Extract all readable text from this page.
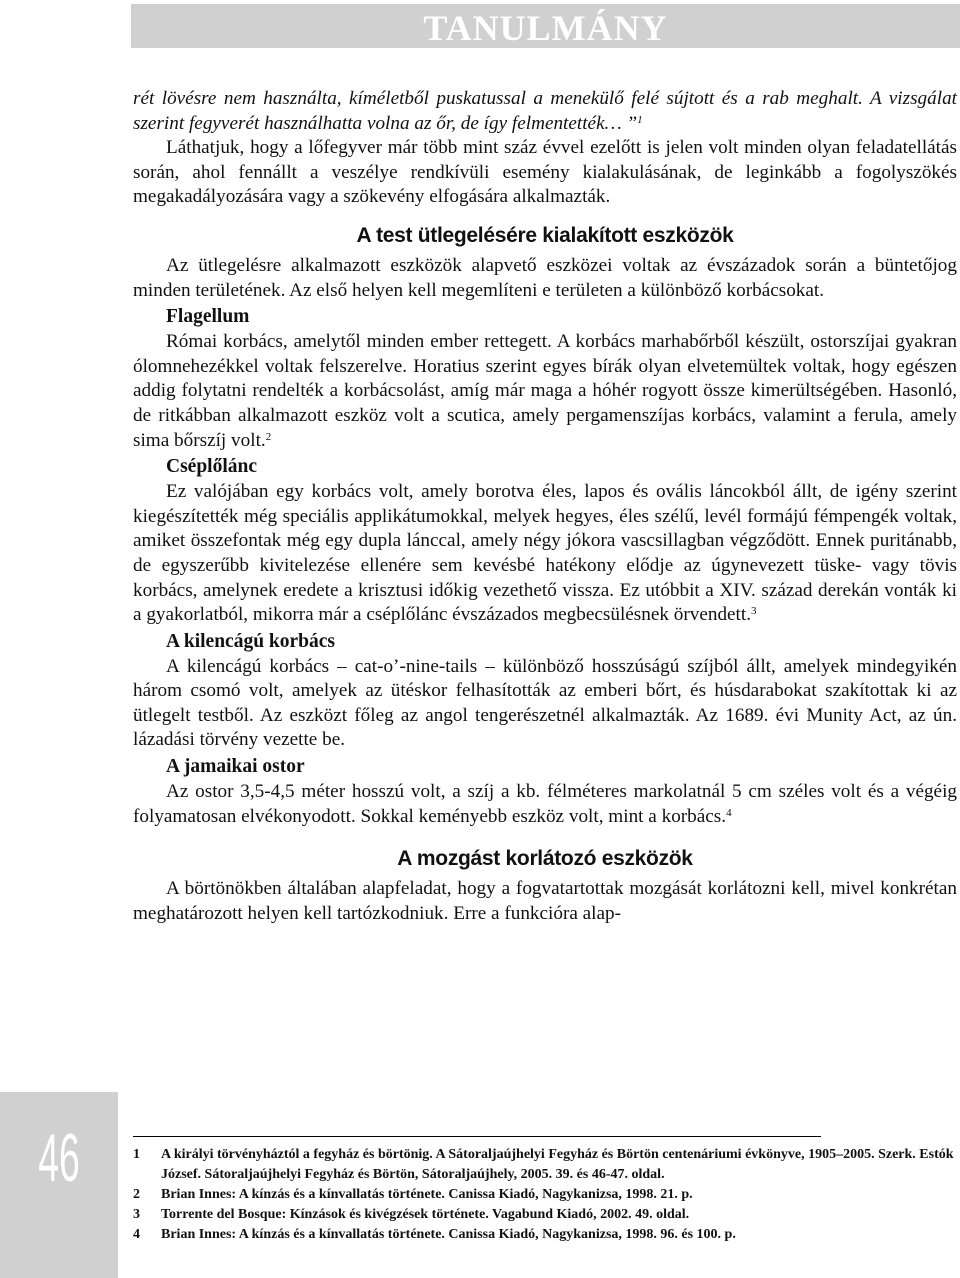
TANULMÁNY

rét lövésre nem használta, kíméletből puskatussal a menekülő felé sújtott és a rab meghalt. A vizsgálat szerint fegyverét használhatta volna az őr, de így felmentették… ”$^1$

Láthatjuk, hogy a lőfegyver már több mint száz évvel ezelőtt is jelen volt minden olyan feladatellátás során, ahol fennállt a veszélye rendkívüli esemény kialakulásának, de leginkább a fogolyszökés megakadályozására vagy a szökevény elfogására alkalmazták.

A test ütlegelésére kialakított eszközök

Az ütlegelésre alkalmazott eszközök alapvető eszközei voltak az évszázadok során a büntetőjog minden területének. Az első helyen kell megemlíteni e területen a különböző korbácsokat.

Flagellum

Római korbács, amelytől minden ember rettegett. A korbács marhabőrből készült, ostorszíjai gyakran ólomnehezékkel voltak felszerelve. Horatius szerint egyes bírák olyan elvetemültek voltak, hogy egészen addig folytatni rendelték a korbácsolást, amíg már maga a hóhér rogyott össze kimerültségében. Hasonló, de ritkábban alkalmazott eszköz volt a scutica, amely pergamenszíjas korbács, valamint a ferula, amely sima bőrszíj volt.$^2$

Cséplőlánc

Ez valójában egy korbács volt, amely borotva éles, lapos és ovális láncokból állt, de igény szerint kiegészítették még speciális applikátumokkal, melyek hegyes, éles szélű, levél formájú fémpengék voltak, amiket összefontak még egy dupla lánccal, amely négy jókora vascsillagban végződött. Ennek puritánabb, de egyszerűbb kivitelezése ellenére sem kevésbé hatékony elődje az úgynevezett tüske- vagy tövis korbács, amelynek eredete a krisztusi időkig vezethető vissza. Ez utóbbit a XIV. század derekán vonták ki a gyakorlatból, mikorra már a cséplőlánc évszázados megbecsülésnek örvendett.$^3$

A kilencágú korbács

A kilencágú korbács – cat-o’-nine-tails – különböző hosszúságú szíjból állt, amelyek mindegyikén három csomó volt, amelyek az ütéskor felhasították az emberi bőrt, és húsdarabokat szakítottak ki az ütlegelt testből. Az eszközt főleg az angol tengerészetnél alkalmazták. Az 1689. évi Munity Act, az ún. lázadási törvény vezette be.

A jamaikai ostor

Az ostor 3,5-4,5 méter hosszú volt, a szíj a kb. félméteres markolatnál 5 cm széles volt és a végéig folyamatosan elvékonyodott. Sokkal keményebb eszköz volt, mint a korbács.$^4$

A mozgást korlátozó eszközök

A börtönökben általában alapfeladat, hogy a fogvatartottak mozgását korlátozni kell, mivel konkrétan meghatározott helyen kell tartózkodniuk. Erre a funkcióra alap-

46	1 A királyi törvényháztól a fegyház és börtönig. A Sátoraljaújhelyi Fegyház és Börtön centenáriumi évkönyve, 1905–2005. Szerk. Estók József. Sátoraljaújhelyi Fegyház és Börtön, Sátoraljaújhely, 2005. 39. és 46-47. oldal.
2 Brian Innes: A kínzás és a kínvallatás története. Canissa Kiadó, Nagykanizsa, 1998. 21. p.
3 Torrente del Bosque: Kínzások és kivégzések története. Vagabund Kiadó, 2002. 49. oldal.
4 Brian Innes: A kínzás és a kínvallatás története. Canissa Kiadó, Nagykanizsa, 1998. 96. és 100. p.
